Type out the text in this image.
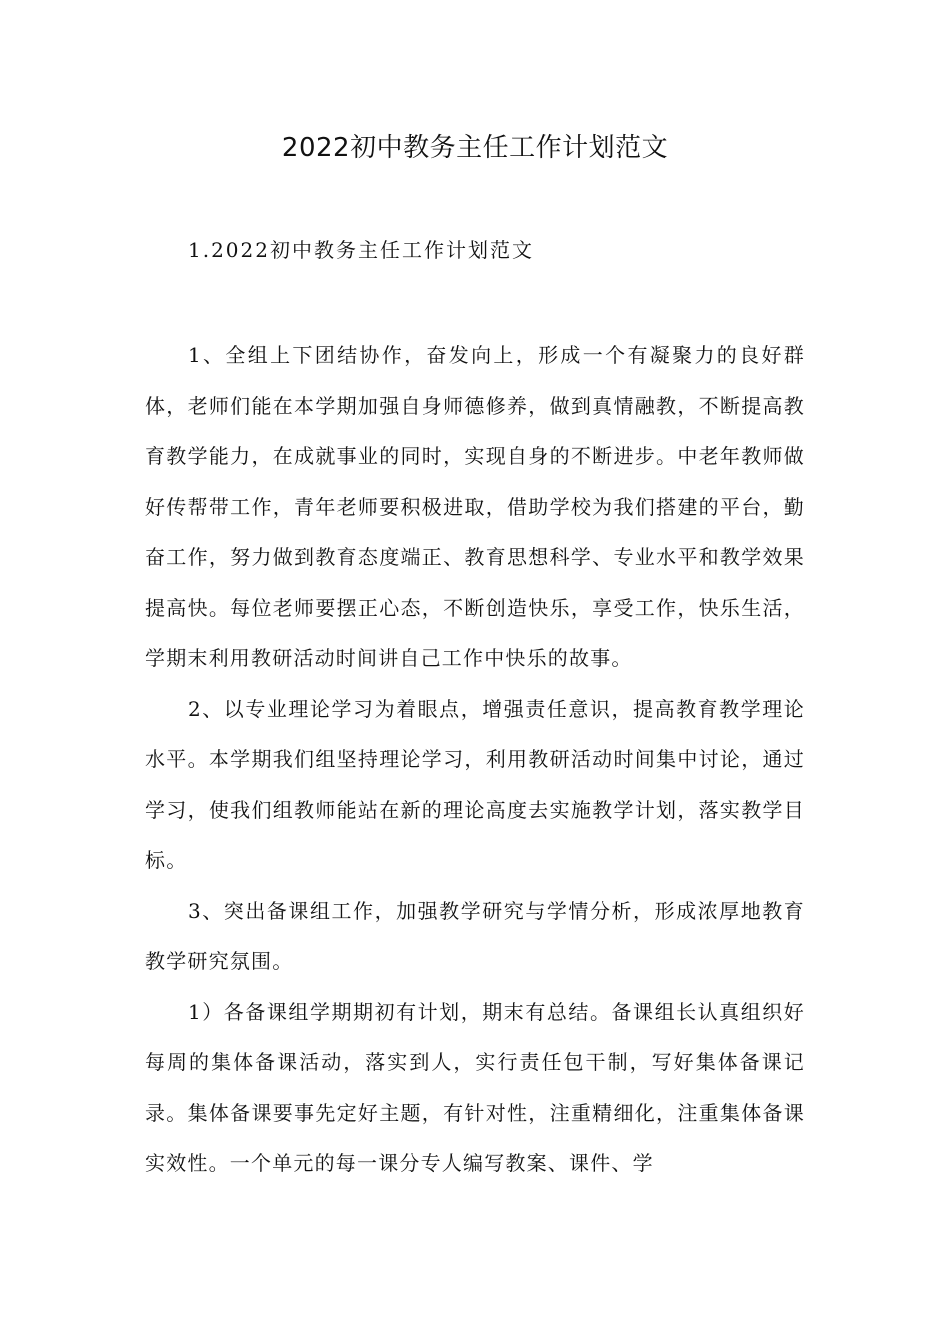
2022初中教务主任工作计划范文
1.2022初中教务主任工作计划范文

1、全组上下团结协作，奋发向上，形成一个有凝聚力的良好群体，老师们能在本学期加强自身师德修养，做到真情融教，不断提高教育教学能力，在成就事业的同时，实现自身的不断进步。中老年教师做好传帮带工作，青年老师要积极进取，借助学校为我们搭建的平台，勤奋工作，努力做到教育态度端正、教育思想科学、专业水平和教学效果提高快。每位老师要摆正心态，不断创造快乐，享受工作，快乐生活，学期末利用教研活动时间讲自己工作中快乐的故事。

2、以专业理论学习为着眼点，增强责任意识，提高教育教学理论水平。本学期我们组坚持理论学习，利用教研活动时间集中讨论，通过学习，使我们组教师能站在新的理论高度去实施教学计划，落实教学目标。

3、突出备课组工作，加强教学研究与学情分析，形成浓厚地教育教学研究氛围。

1）各备课组学期期初有计划，期末有总结。备课组长认真组织好每周的集体备课活动，落实到人，实行责任包干制，写好集体备课记录。集体备课要事先定好主题，有针对性，注重精细化，注重集体备课实效性。一个单元的每一课分专人编写教案、课件、学
